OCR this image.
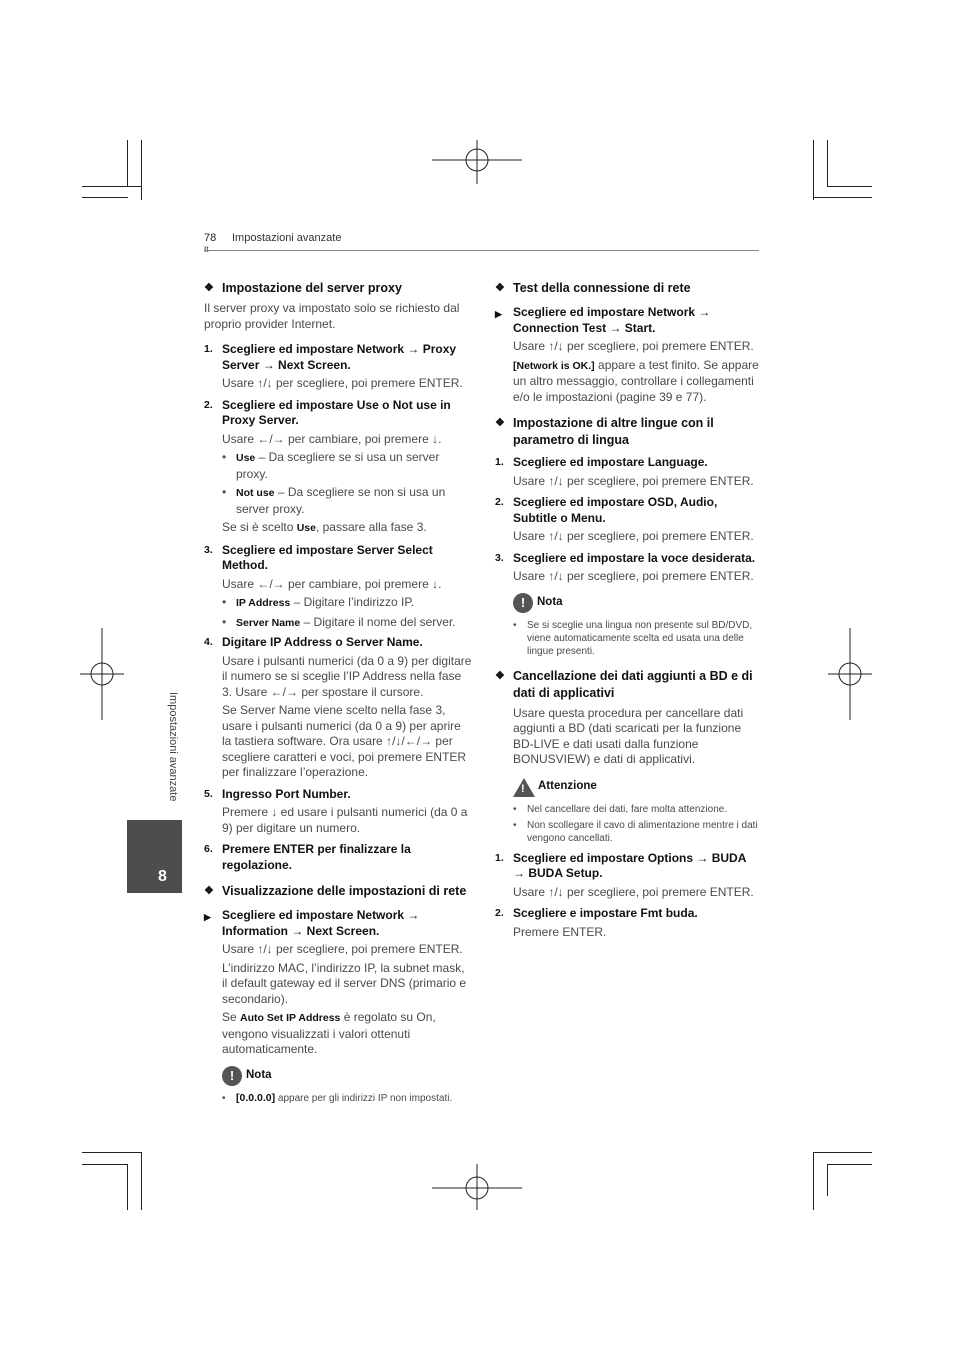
78 Impostazioni avanzate
Impostazioni avanzate
8
❖ Impostazione del server proxy
Il server proxy va impostato solo se richiesto dal proprio provider Internet.
1. Scegliere ed impostare Network → Proxy Server → Next Screen.
Usare ↑/↓ per scegliere, poi premere ENTER.
2. Scegliere ed impostare Use o Not use in Proxy Server.
Usare ←/→ per cambiare, poi premere ↓.
• Use – Da scegliere se si usa un server proxy.
• Not use – Da scegliere se non si usa un server proxy.
Se si è scelto Use, passare alla fase 3.
3. Scegliere ed impostare Server Select Method.
Usare ←/→ per cambiare, poi premere ↓.
• IP Address – Digitare l’indirizzo IP.
• Server Name – Digitare il nome del server.
4. Digitare IP Address o Server Name.
Usare i pulsanti numerici (da 0 a 9) per digitare il numero se si sceglie l’IP Address nella fase 3. Usare ←/→ per spostare il cursore.
Se Server Name viene scelto nella fase 3, usare i pulsanti numerici (da 0 a 9) per aprire la tastiera software. Ora usare ↑/↓/←/→ per scegliere caratteri e voci, poi premere ENTER per finalizzare l’operazione.
5. Ingresso Port Number.
Premere ↓ ed usare i pulsanti numerici (da 0 a 9) per digitare un numero.
6. Premere ENTER per finalizzare la regolazione.
❖ Visualizzazione delle impostazioni di rete
▶ Scegliere ed impostare Network → Information → Next Screen.
Usare ↑/↓ per scegliere, poi premere ENTER.
L’indirizzo MAC, l’indirizzo IP, la subnet mask, il default gateway ed il server DNS (primario e secondario).
Se Auto Set IP Address è regolato su On, vengono visualizzati i valori ottenuti automaticamente.
!	Nota
• [0.0.0.0] appare per gli indirizzi IP non impostati.
❖ Test della connessione di rete
▶ Scegliere ed impostare Network → Connection Test → Start.
Usare ↑/↓ per scegliere, poi premere ENTER.
[Network is OK.] appare a test finito. Se appare un altro messaggio, controllare i collegamenti e/o le impostazioni (pagine 39 e 77).
❖ Impostazione di altre lingue con il parametro di lingua
1. Scegliere ed impostare Language.
Usare ↑/↓ per scegliere, poi premere ENTER.
2. Scegliere ed impostare OSD, Audio, Subtitle o Menu.
Usare ↑/↓ per scegliere, poi premere ENTER.
3. Scegliere ed impostare la voce desiderata.
Usare ↑/↓ per scegliere, poi premere ENTER.
!	Nota
•	Se si sceglie una lingua non presente sul BD/DVD, viene automaticamente scelta ed usata una delle lingue presenti.
❖ Cancellazione dei dati aggiunti a BD e di dati di applicativi
Usare questa procedura per cancellare dati aggiunti a BD (dati scaricati per la funzione BD-LIVE e dati usati dalla funzione BONUSVIEW) e dati di applicativi.
! Attenzione
•	Nel cancellare dei dati, fare molta attenzione.
•	Non scollegare il cavo di alimentazione mentre i dati vengono cancellati.
1. Scegliere ed impostare Options → BUDA → BUDA Setup.
Usare ↑/↓ per scegliere, poi premere ENTER.
2. Scegliere e impostare Fmt buda.
Premere ENTER.
